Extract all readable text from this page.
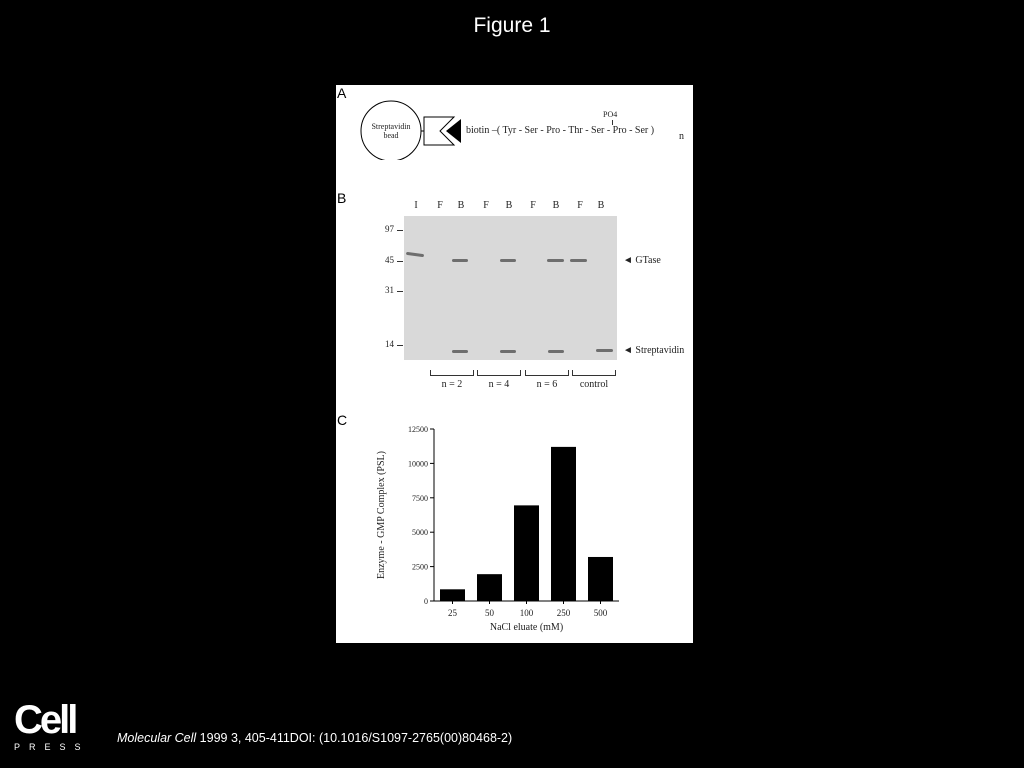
Figure 1
A
Streptavidin
bead
PO4
biotin –( Tyr - Ser - Pro - Thr - Ser - Pro - Ser )
n
B	I	F	B	F	B	F	B	F	B
97
45
31
14
◄ GTase
◄ Streptavidin
n = 2	n = 4	n = 6	control
C
0
2500
5000
7500
10000
12500
25	50	100	250	500
NaCl eluate (mM)
Enzyme - GMP Complex (PSL)
Cell
PRESS
Molecular Cell 1999 3, 405-411DOI: (10.1016/S1097-2765(00)80468-2)
